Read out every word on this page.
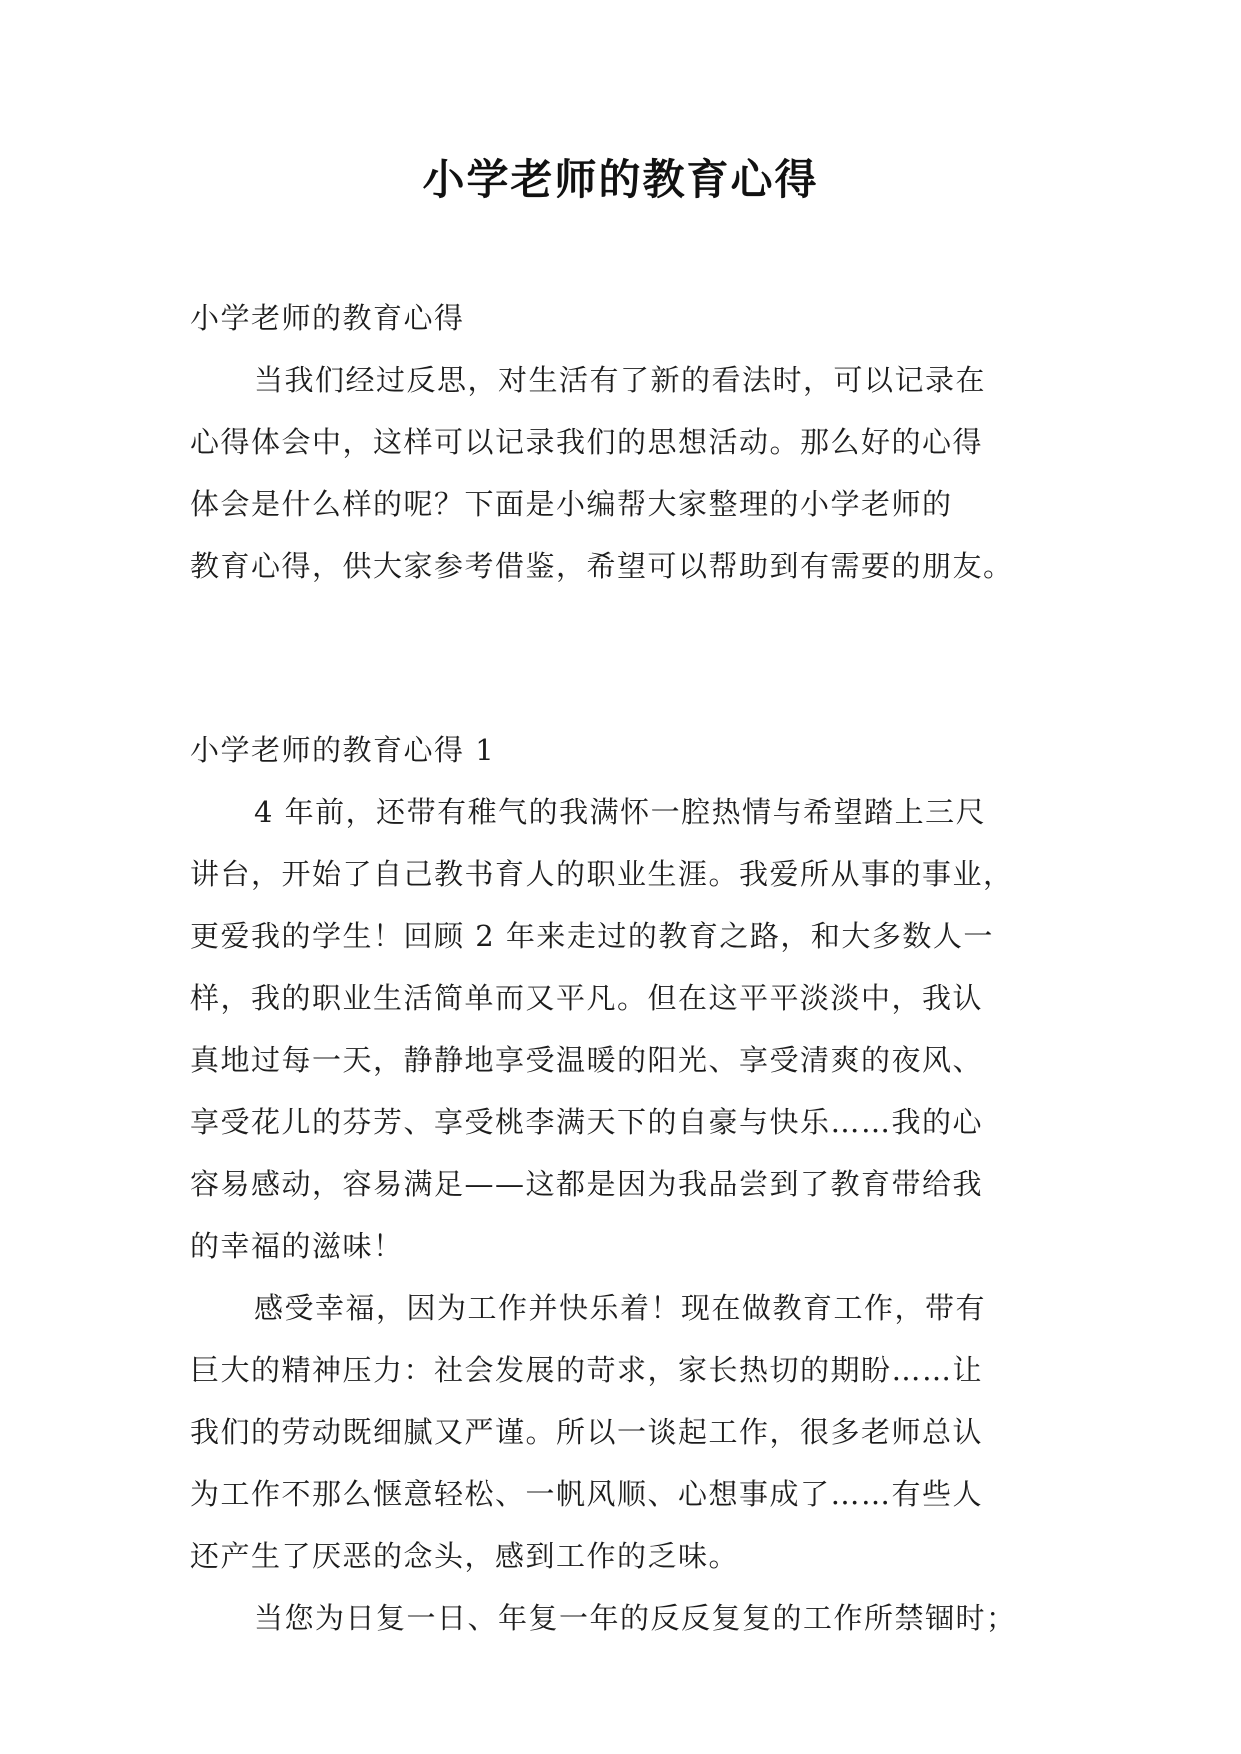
小学老师的教育心得
小学老师的教育心得
当我们经过反思，对生活有了新的看法时，可以记录在
心得体会中，这样可以记录我们的思想活动。那么好的心得
体会是什么样的呢？下面是小编帮大家整理的小学老师的
教育心得，供大家参考借鉴，希望可以帮助到有需要的朋友。
小学老师的教育心得 1
4 年前，还带有稚气的我满怀一腔热情与希望踏上三尺
讲台，开始了自己教书育人的职业生涯。我爱所从事的事业，
更爱我的学生！回顾 2 年来走过的教育之路，和大多数人一
样，我的职业生活简单而又平凡。但在这平平淡淡中，我认
真地过每一天，静静地享受温暖的阳光、享受清爽的夜风、
享受花儿的芬芳、享受桃李满天下的自豪与快乐……我的心
容易感动，容易满足——这都是因为我品尝到了教育带给我
的幸福的滋味！
感受幸福，因为工作并快乐着！现在做教育工作，带有
巨大的精神压力：社会发展的苛求，家长热切的期盼……让
我们的劳动既细腻又严谨。所以一谈起工作，很多老师总认
为工作不那么惬意轻松、一帆风顺、心想事成了……有些人
还产生了厌恶的念头，感到工作的乏味。
当您为日复一日、年复一年的反反复复的工作所禁锢时；
